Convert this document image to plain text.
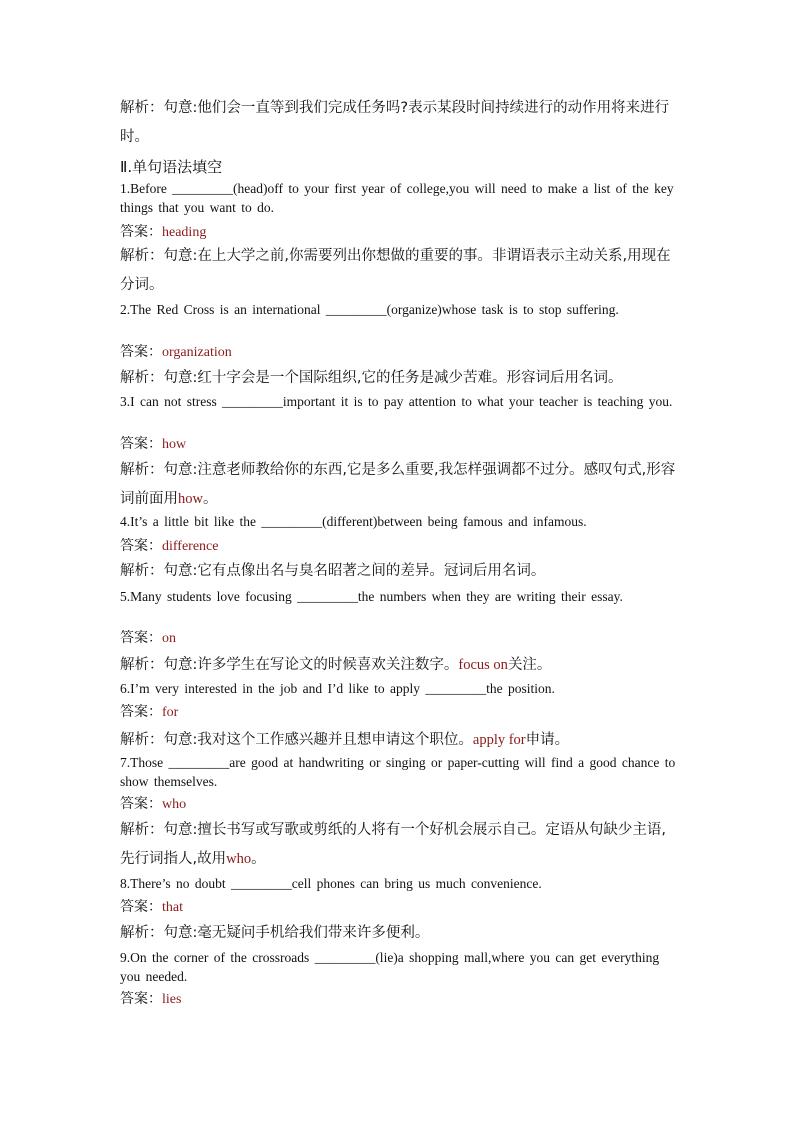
解析：句意:他们会一直等到我们完成任务吗?表示某段时间持续进行的动作用将来进行时。
Ⅱ.单句语法填空
1.Before _________(head)off to your first year of college,you will need to make a list of the key things that you want to do.
答案：heading
解析：句意:在上大学之前,你需要列出你想做的重要的事。非谓语表示主动关系,用现在分词。
2.The Red Cross is an international _________(organize)whose task is to stop suffering.
答案：organization
解析：句意:红十字会是一个国际组织,它的任务是减少苦难。形容词后用名词。
3.I can not stress _________important it is to pay attention to what your teacher is teaching you.
答案：how
解析：句意:注意老师教给你的东西,它是多么重要,我怎样强调都不过分。感叹句式,形容词前面用how。
4.It’s a little bit like the _________(different)between being famous and infamous.
答案：difference
解析：句意:它有点像出名与臭名昭著之间的差异。冠词后用名词。
5.Many students love focusing _________the numbers when they are writing their essay.
答案：on
解析：句意:许多学生在写论文的时候喜欢关注数字。focus on关注。
6.I’m very interested in the job and I’d like to apply _________the position.
答案：for
解析：句意:我对这个工作感兴趣并且想申请这个职位。apply for申请。
7.Those _________are good at handwriting or singing or paper-cutting will find a good chance to show themselves.
答案：who
解析：句意:擅长书写或写歌或剪纸的人将有一个好机会展示自己。定语从句缺少主语,先行词指人,故用who。
8.There’s no doubt _________cell phones can bring us much convenience.
答案：that
解析：句意:毫无疑问手机给我们带来许多便利。
9.On the corner of the crossroads _________(lie)a shopping mall,where you can get everything you needed.
答案：lies
